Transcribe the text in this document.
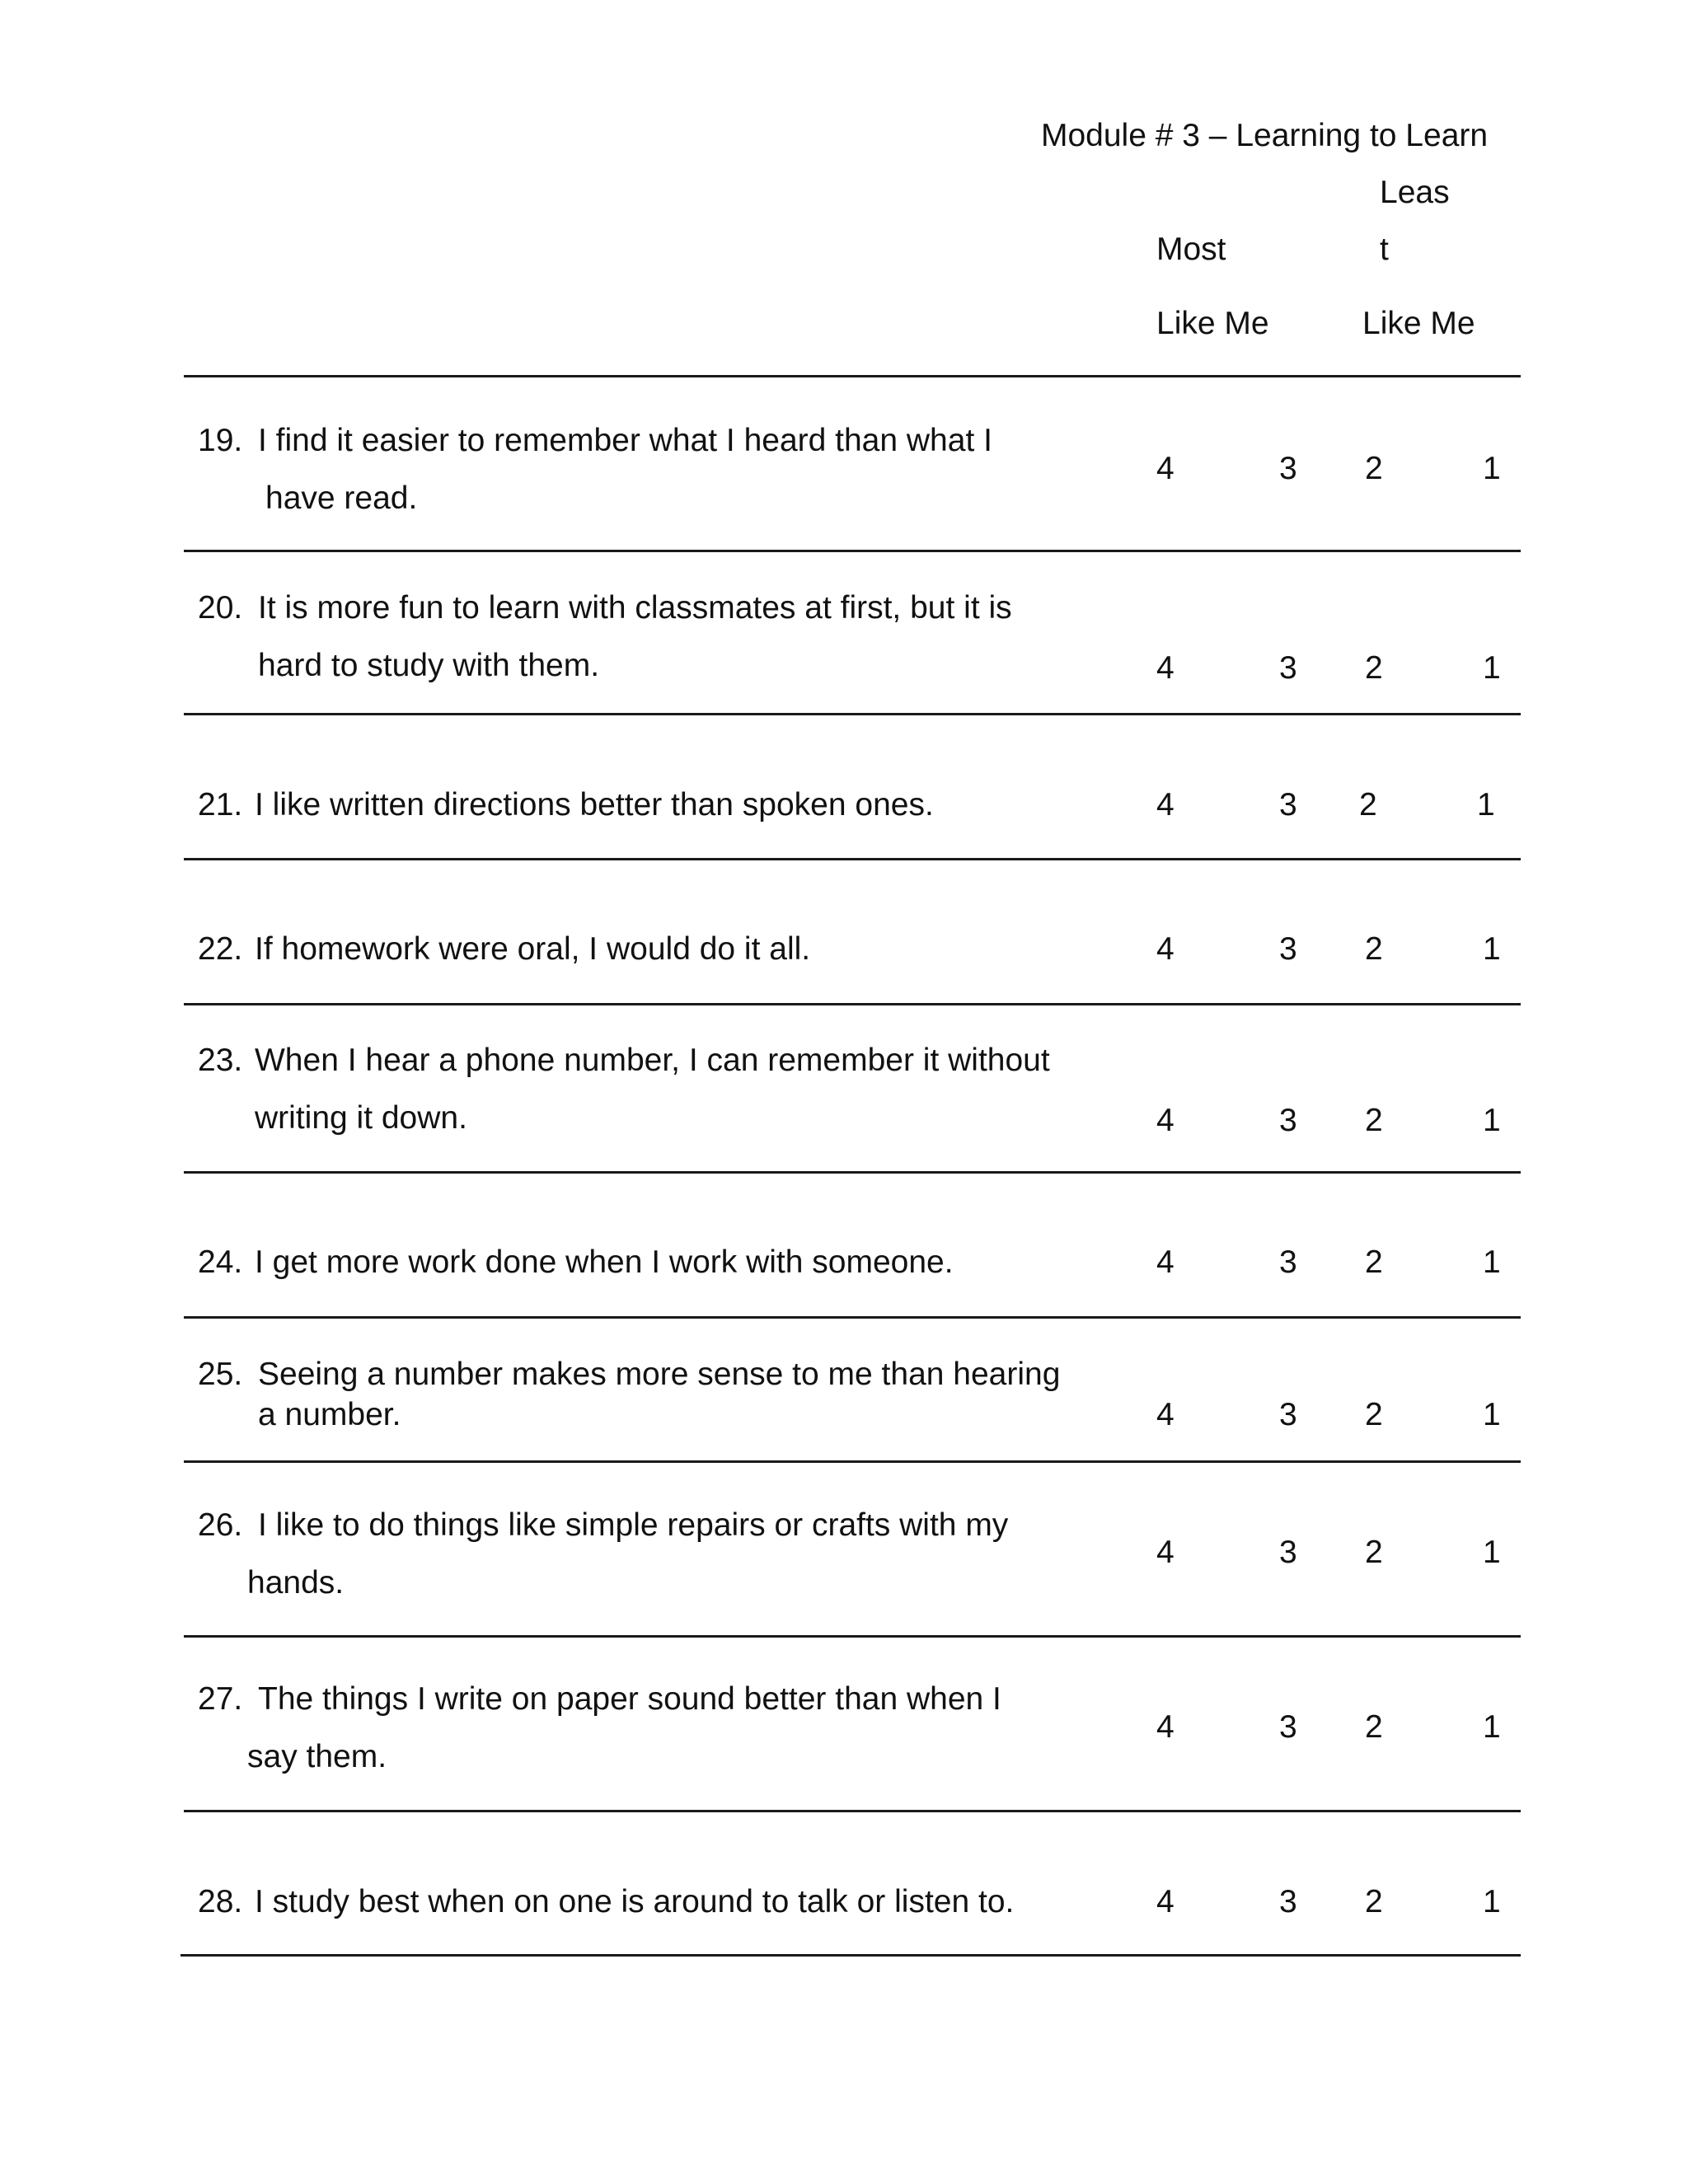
Module # 3 – Learning to Learn
Leas
Most	t
Like Me	Like Me
19. I find it easier to remember what I heard than what I
have read.
4	3 2	1
20. It is more fun to learn with classmates at first, but it is
hard to study with them.	4	3 2	1
21. I like written directions better than spoken ones.	4	3 2	1
22. If homework were oral, I would do it all.	4	3 2	1
23. When I hear a phone number, I can remember it without
writing it down.	4	3 2	1
24. I get more work done when I work with someone.	4	3 2	1
25. Seeing a number makes more sense to me than hearing
a number.	4	3 2	1
26. I like to do things like simple repairs or crafts with my
hands.
4	3 2	1
27. The things I write on paper sound better than when I
say them.
4	3 2	1
28. I study best when on one is around to talk or listen to.	4	3 2	1
